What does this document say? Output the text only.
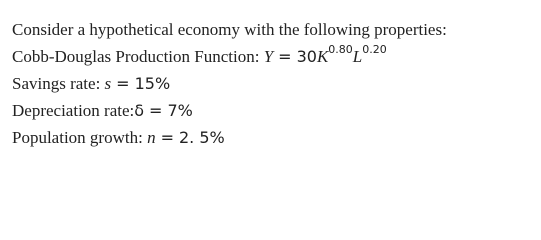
Consider a hypothetical economy with the following properties:
Cobb-Douglas Production Function: $Y = 30K^{0.80}L^{0.20}$
Savings rate: s = 15%
Depreciation rate:δ = 7%
Population growth: n = 2. 5%
